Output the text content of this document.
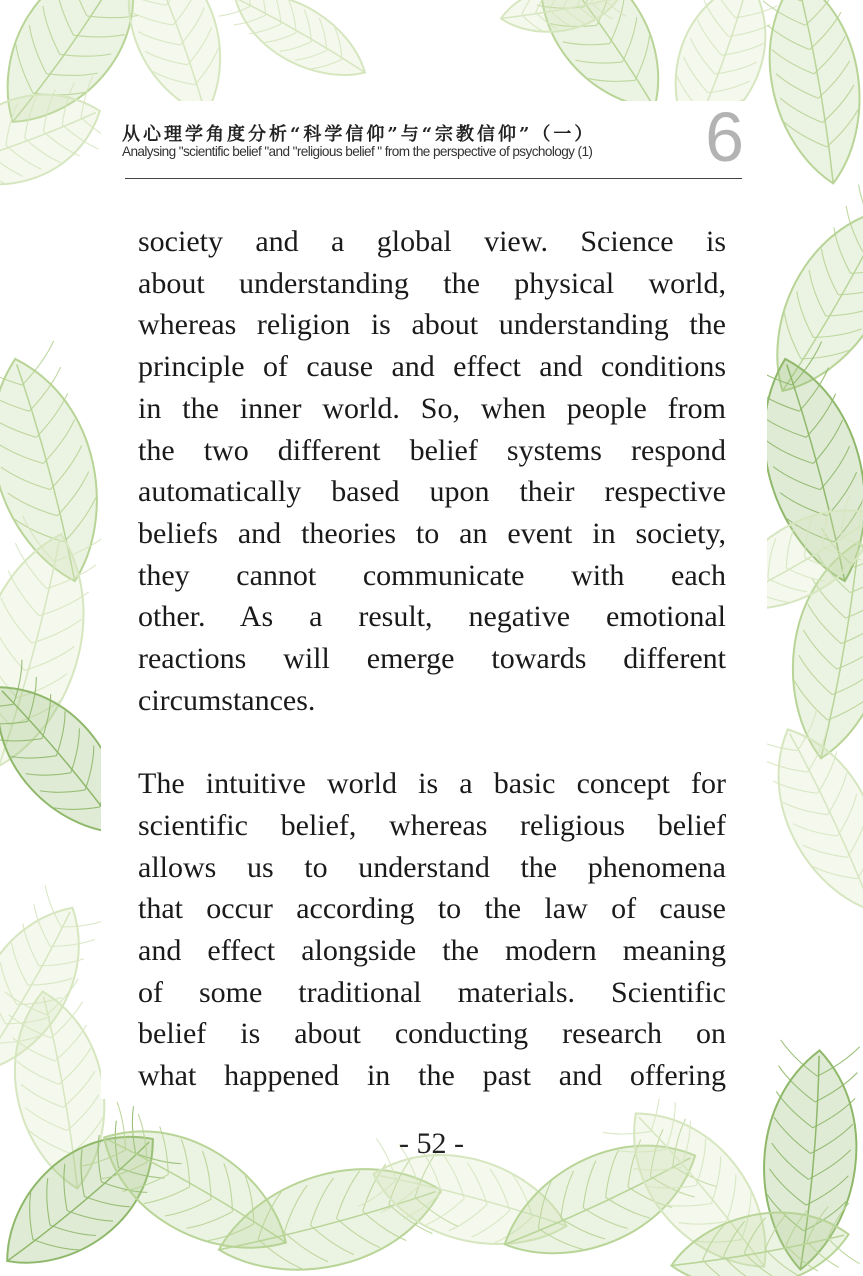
从心理学角度分析“科学信仰”与“宗教信仰”（一）
Analysing "scientific belief "and "religious belief " from the perspective of psychology (1) 6
society and a global view. Science is
about understanding the physical world,
whereas religion is about understanding the
principle of cause and effect and conditions
in the inner world. So, when people from
the two different belief systems respond
automatically based upon their respective
beliefs and theories to an event in society,
they cannot communicate with each
other. As a result, negative emotional
reactions will emerge towards different
circumstances.
The intuitive world is a basic concept for
scientific belief, whereas religious belief
allows us to understand the phenomena
that occur according to the law of cause
and effect alongside the modern meaning
of some traditional materials. Scientific
belief is about conducting research on
what happened in the past and offering
- 52 -
